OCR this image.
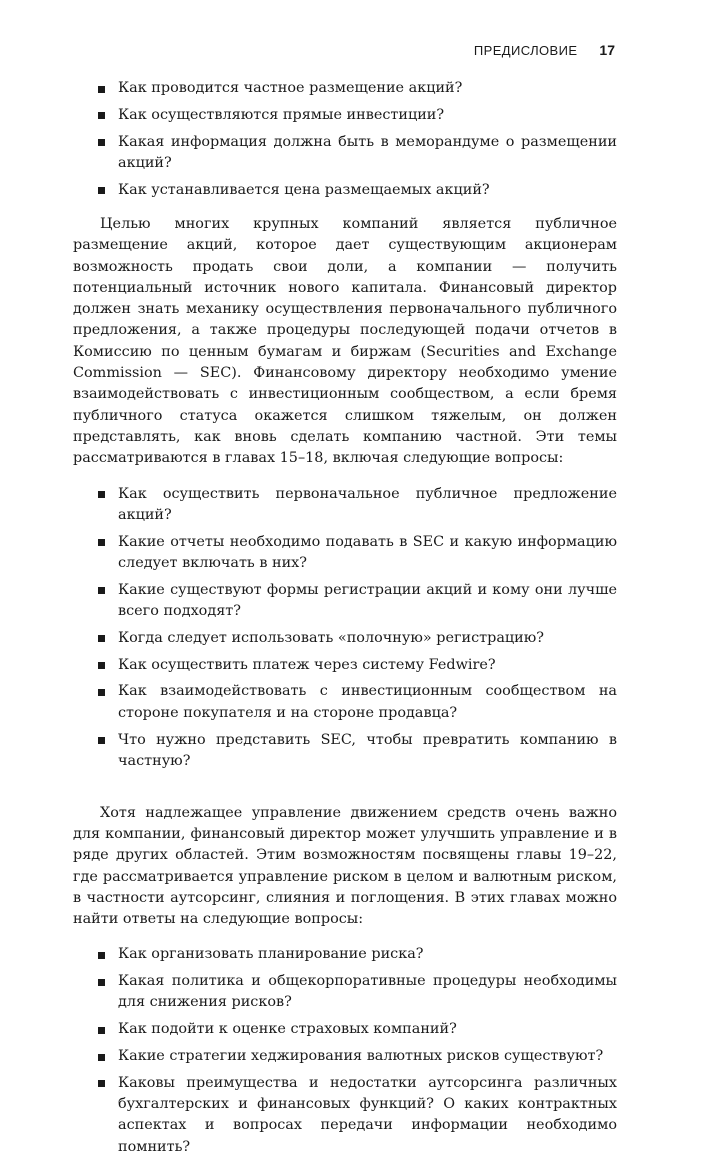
ПРЕДИСЛОВИЕ 17
Как проводится частное размещение акций?
Как осуществляются прямые инвестиции?
Какая информация должна быть в меморандуме о размещении акций?
Как устанавливается цена размещаемых акций?

Целью многих крупных компаний является публичное размещение акций, которое дает существующим акционерам возможность продать свои доли, а компании — получить потенциальный источник нового капитала. Финансовый директор должен знать механику осуществления первоначального публичного предложения, а также процедуры последующей подачи отчетов в Комиссию по ценным бумагам и биржам (Securities and Exchange Commission — SEC). Финансовому директору необходимо умение взаимодействовать с инвестиционным сообществом, а если бремя публичного статуса окажется слишком тяжелым, он должен представлять, как вновь сделать компанию частной. Эти темы рассматриваются в главах 15–18, включая следующие вопросы:

Как осуществить первоначальное публичное предложение акций?
Какие отчеты необходимо подавать в SEC и какую информацию следует включать в них?
Какие существуют формы регистрации акций и кому они лучше всего подходят?
Когда следует использовать «полочную» регистрацию?
Как осуществить платеж через систему Fedwire?
Как взаимодействовать с инвестиционным сообществом на стороне покупателя и на стороне продавца?
Что нужно представить SEC, чтобы превратить компанию в частную?

Хотя надлежащее управление движением средств очень важно для компании, финансовый директор может улучшить управление и в ряде других областей. Этим возможностям посвящены главы 19–22, где рассматривается управление риском в целом и валютным риском, в частности аутсорсинг, слияния и поглощения. В этих главах можно найти ответы на следующие вопросы:

Как организовать планирование риска?
Какая политика и общекорпоративные процедуры необходимы для снижения рисков?
Как подойти к оценке страховых компаний?
Какие стратегии хеджирования валютных рисков существуют?
Каковы преимущества и недостатки аутсорсинга различных бухгалтерских и финансовых функций? О каких контрактных аспектах и вопросах передачи информации необходимо помнить?
